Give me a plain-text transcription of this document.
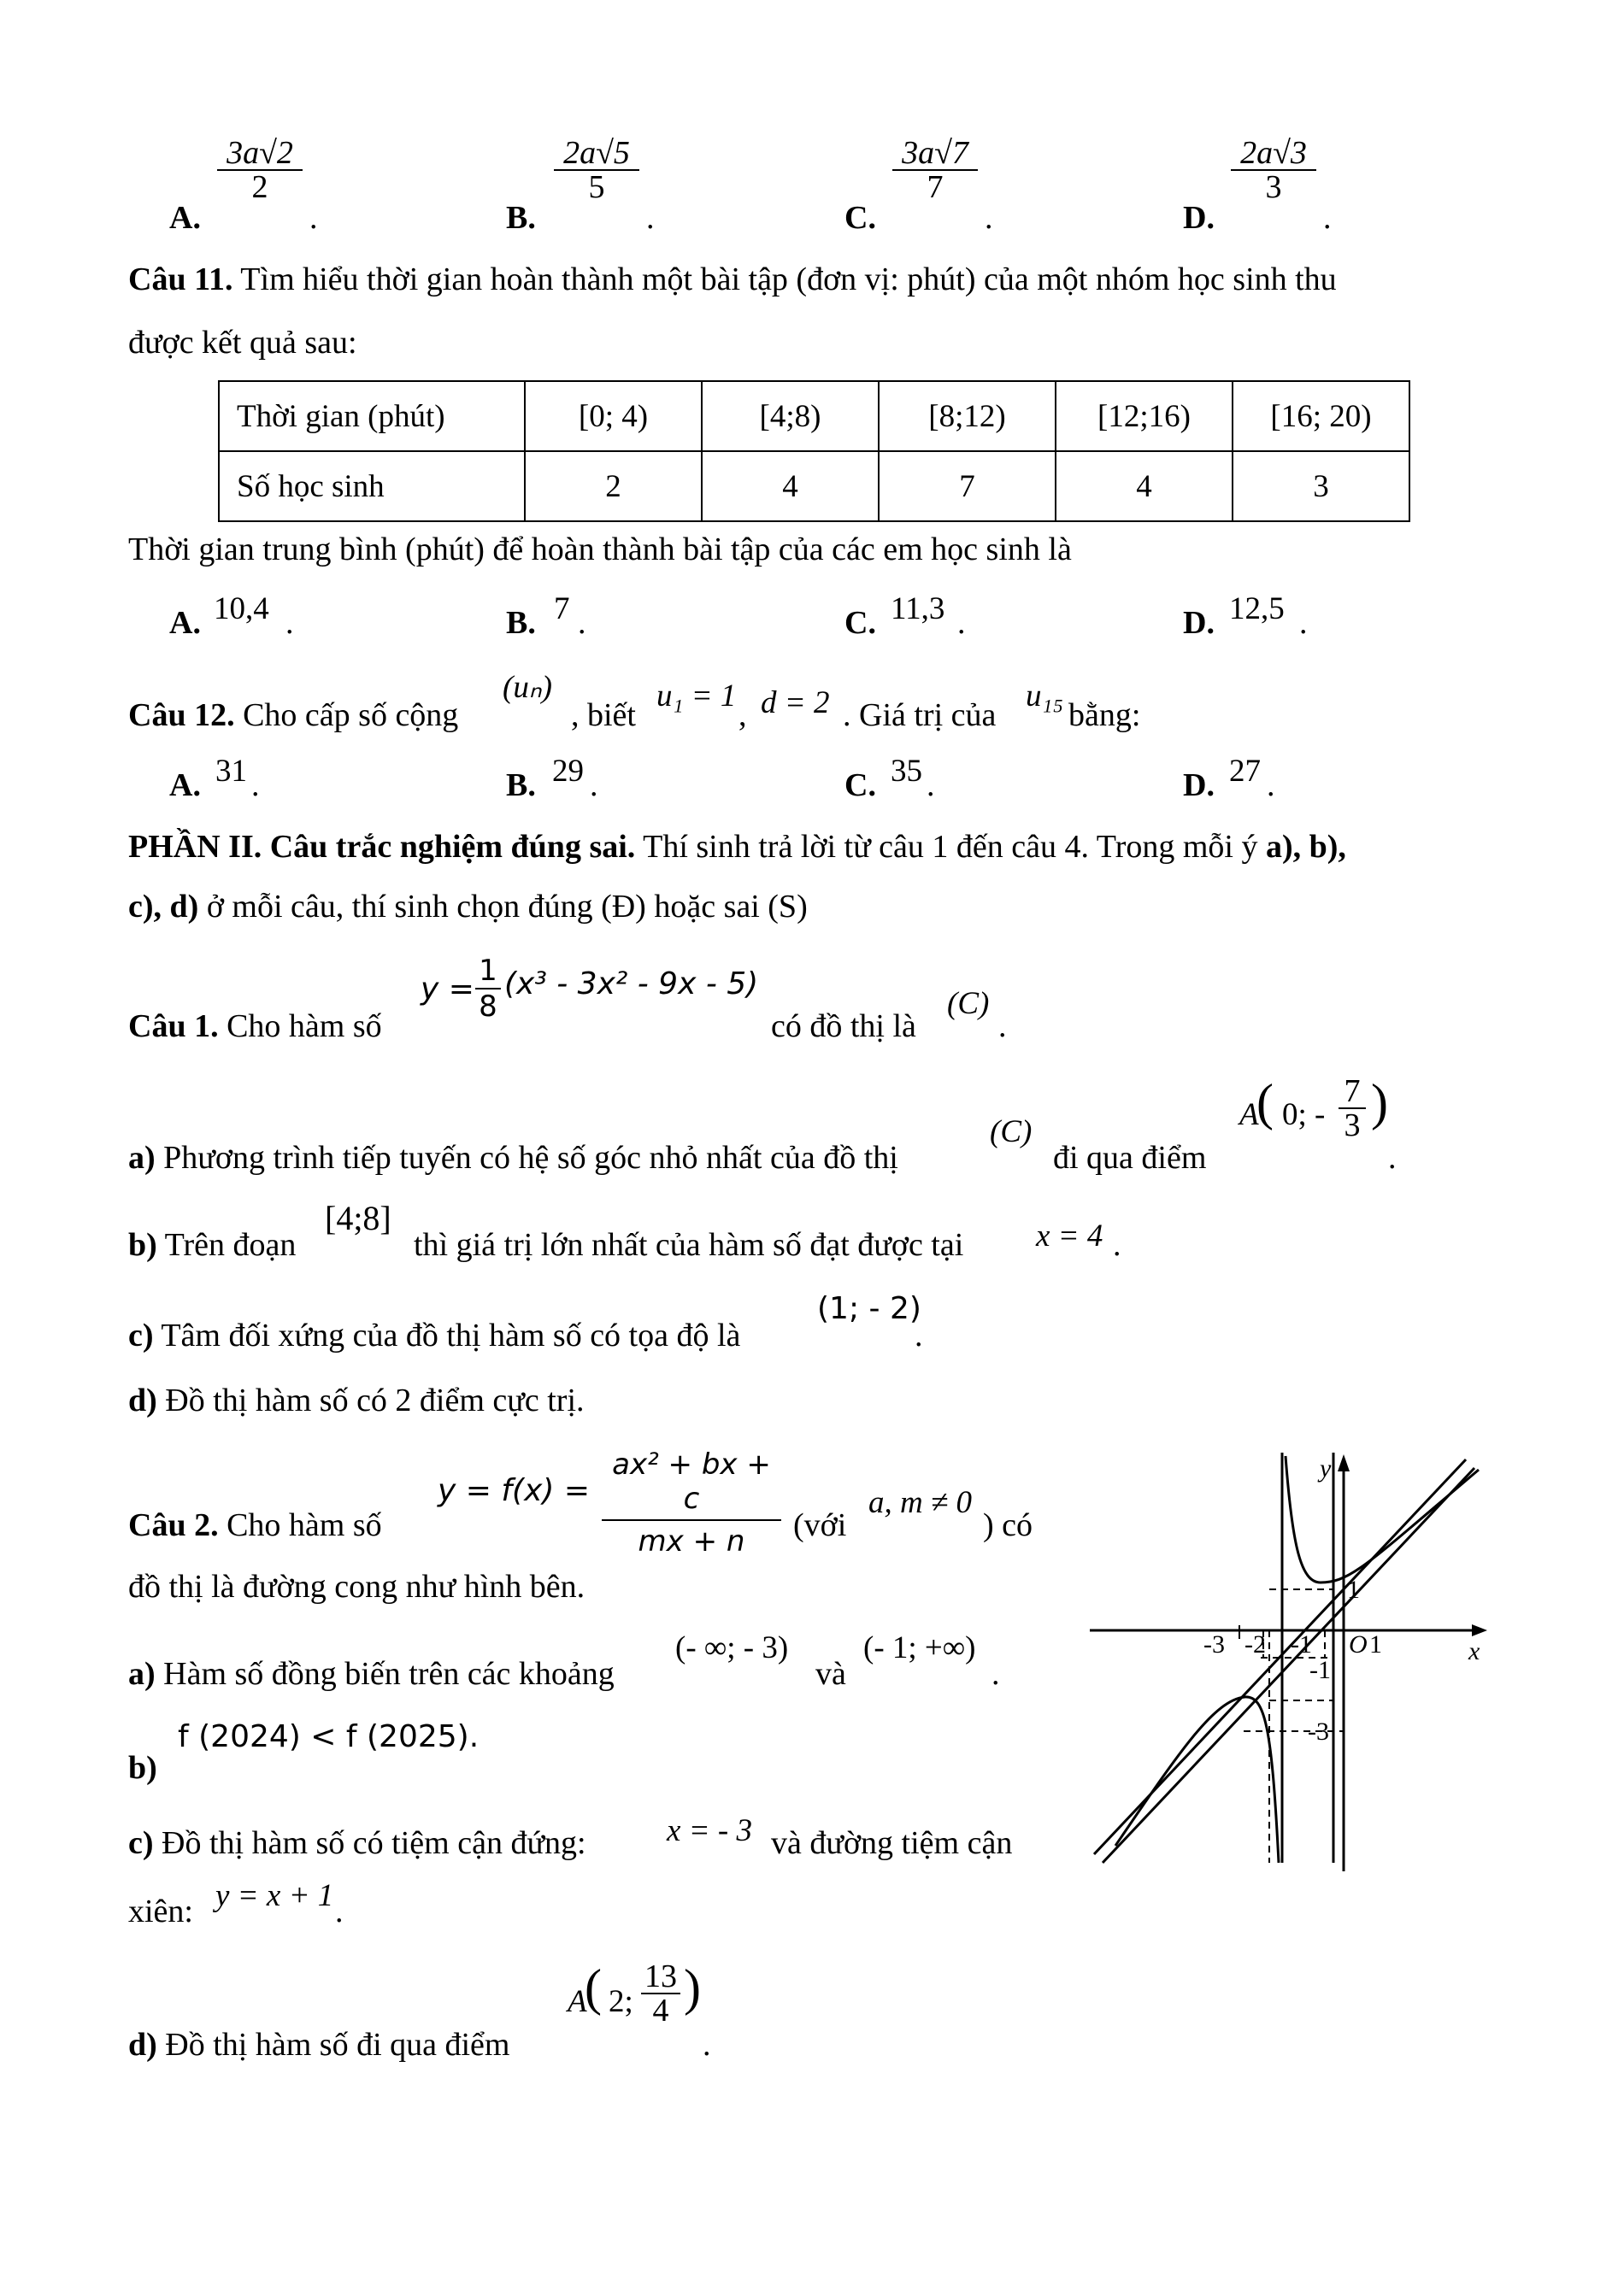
A.
3a√2
2
.	B.
2a√5
5
.	C.
3a√7
7
.	D.
2a√3
3
.
Câu 11. Tìm hiểu thời gian hoàn thành một bài tập (đơn vị: phút) của một nhóm học sinh thu
được kết quả sau:
Thời gian (phút)	[0; 4)	[4;8)	[8;12)	[12;16)	[16; 20)
Số học sinh	2	4	7	4	3
Thời gian trung bình (phút) để hoàn thành bài tập của các em học sinh là
A. 10,4 .	B. 7 .	C. 11,3 .	D. 12,5 .
Câu 12. Cho cấp số cộng
(uₙ)
, biết
u₁ = 1
, d = 2 . Giá trị của
u₁₅
bằng:
A. 31 .	B. 29 .	C. 35 .	D. 27 .
PHẦN II. Câu trắc nghiệm đúng sai. Thí sinh trả lời từ câu 1 đến câu 4. Trong mỗi ý a), b),
c), d) ở mỗi câu, thí sinh chọn đúng (Đ) hoặc sai (S)
Câu 1. Cho hàm số
y =
1
8
(x³ - 3x² - 9x - 5)
có đồ thị là
(C)
.
a) Phương trình tiếp tuyến có hệ số góc nhỏ nhất của đồ thị
(C)
đi qua điểm
A
( 0; -
7
3 )
.
b) Trên đoạn
[4;8]
thì giá trị lớn nhất của hàm số đạt được tại x = 4 .
c) Tâm đối xứng của đồ thị hàm số có tọa độ là
(1; - 2)
.
d) Đồ thị hàm số có 2 điểm cực trị.
Câu 2. Cho hàm số
y = f(x) =
ax² + bx + c
mx + n	(với
a, m ≠ 0
) có
đồ thị là đường cong như hình bên.
a) Hàm số đồng biến trên các khoảng
(- ∞; - 3)
và
(- 1; +∞)
.
b)
f (2024) < f (2025).
c) Đồ thị hàm số có tiệm cận đứng:	x = - 3 và đường tiệm cận
xiên: y = x + 1 .
d) Đồ thị hàm số đi qua điểm
A
( 2;
13
4 )
.
y
x
O
1
-3 -2 -1 1
-1
-3
